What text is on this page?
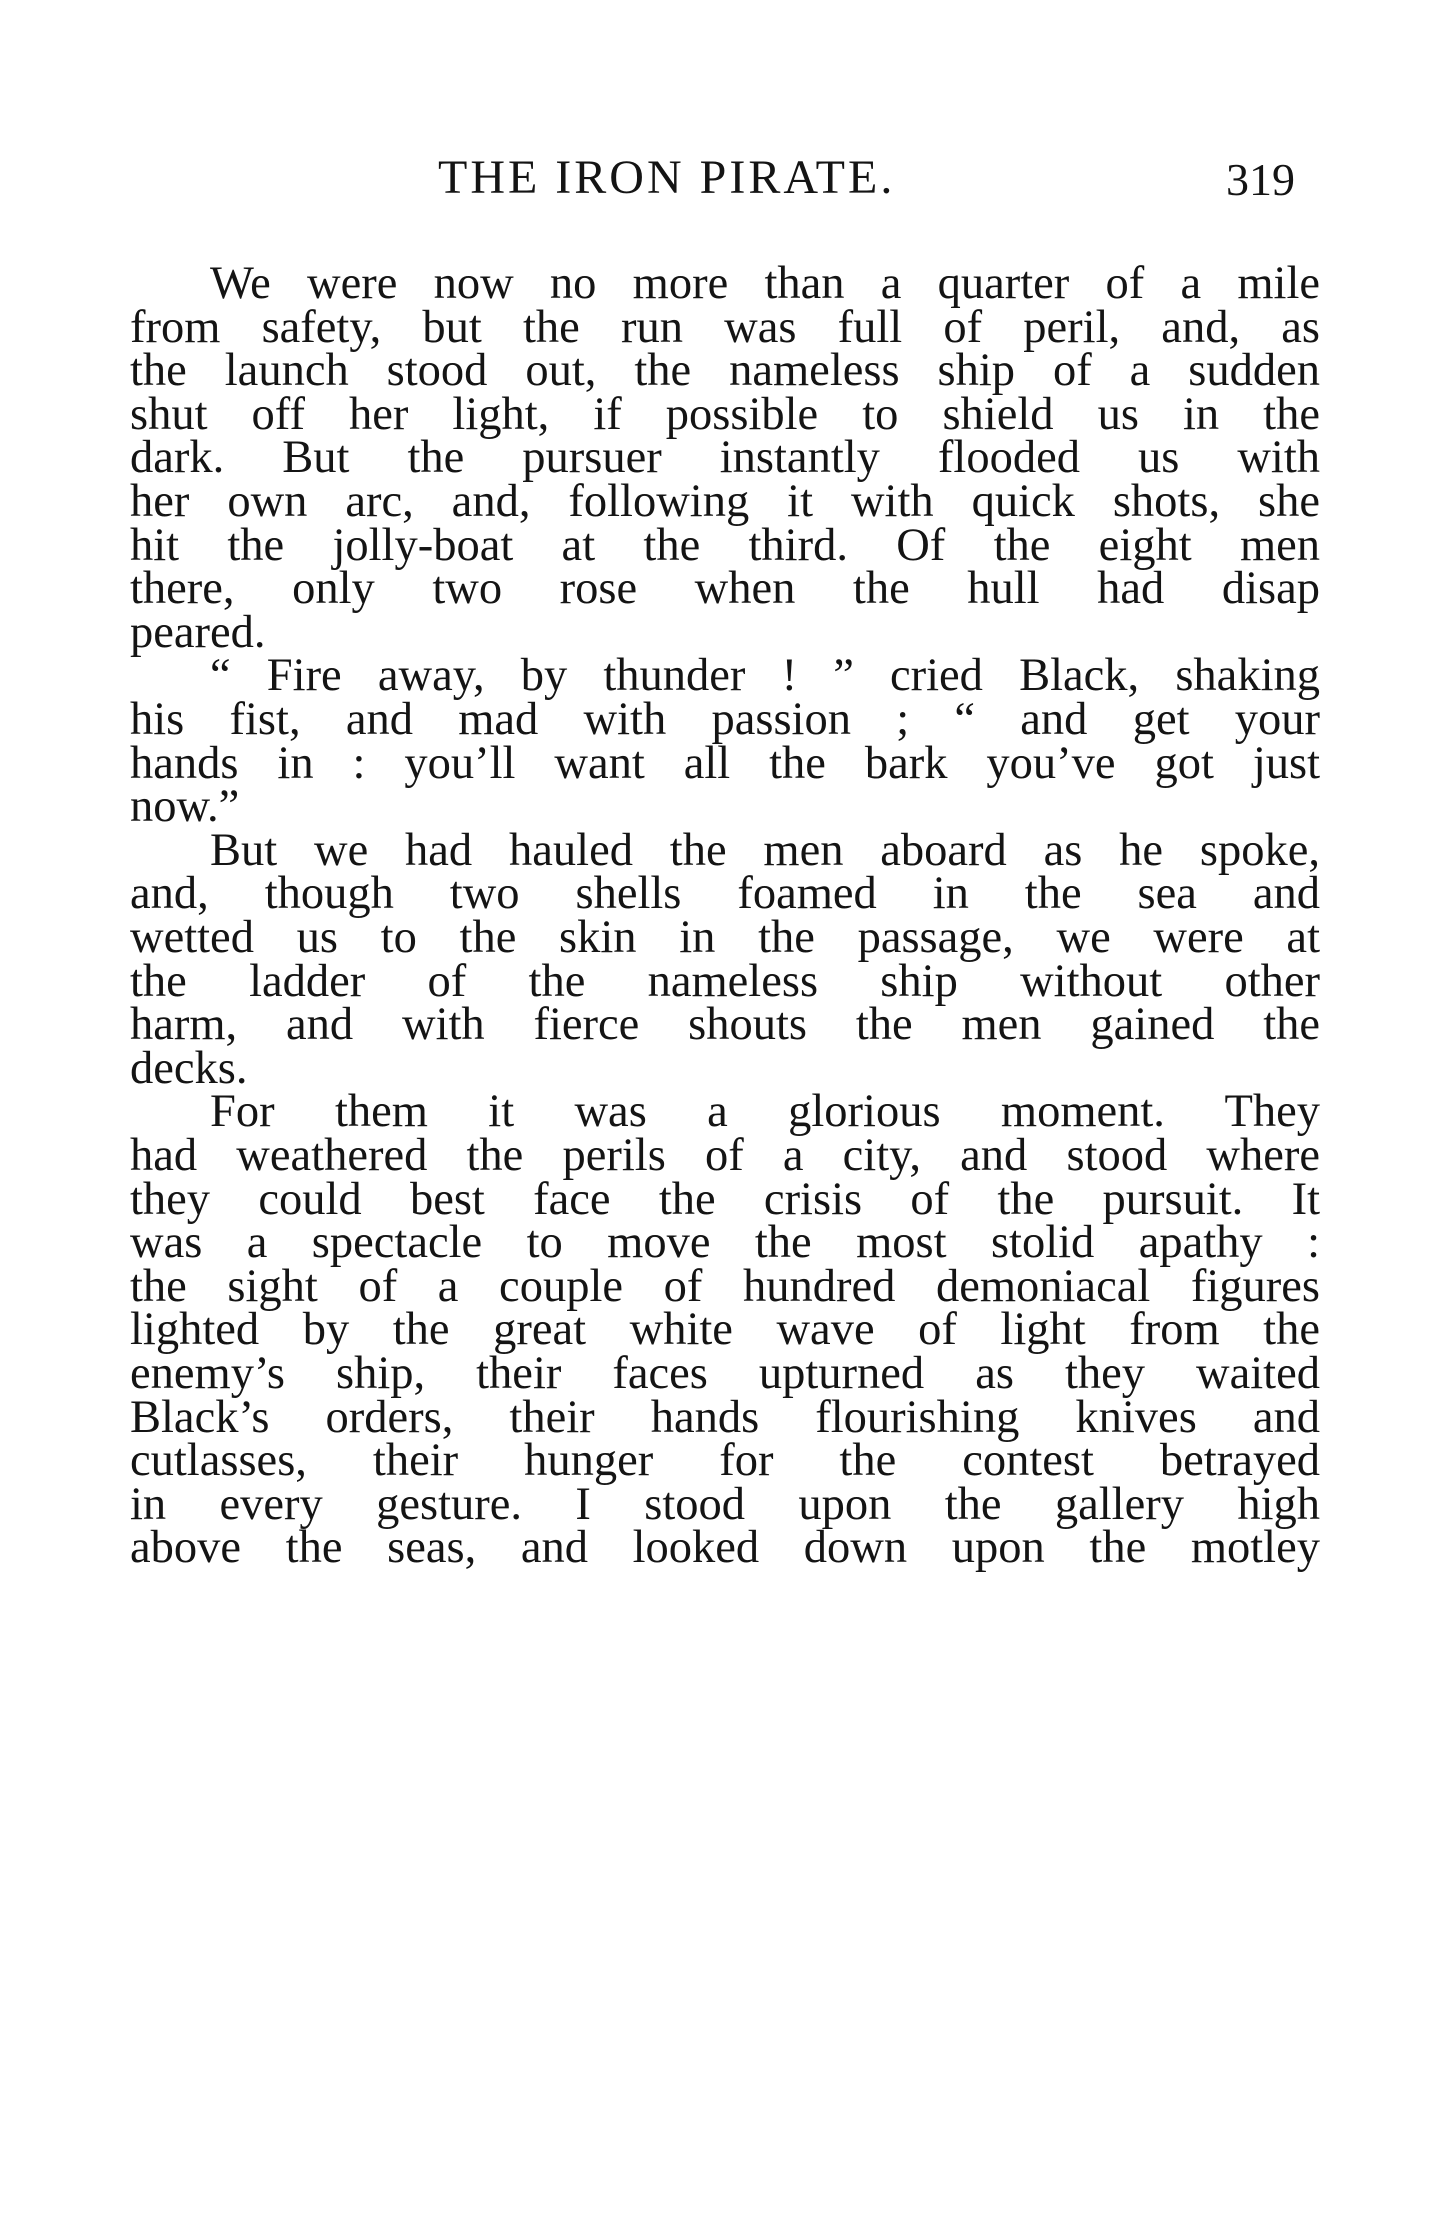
THE IRON PIRATE.	319
We were now no more than a quarter of a mile
from safety, but the run was full of peril, and, as
the launch stood out, the nameless ship of a sudden
shut off her light, if possible to shield us in the
dark. But the pursuer instantly flooded us with
her own arc, and, following it with quick shots, she
hit the jolly-boat at the third. Of the eight men
there, only two rose when the hull had disap
peared.
“ Fire away, by thunder ! ” cried Black, shaking
his fist, and mad with passion ; “ and get your
hands in : you’ll want all the bark you’ve got just
now.”
But we had hauled the men aboard as he spoke,
and, though two shells foamed in the sea and
wetted us to the skin in the passage, we were at
the ladder of the nameless ship without other
harm, and with fierce shouts the men gained the
decks.
For them it was a glorious moment. They
had weathered the perils of a city, and stood where
they could best face the crisis of the pursuit. It
was a spectacle to move the most stolid apathy :
the sight of a couple of hundred demoniacal figures
lighted by the great white wave of light from the
enemy’s ship, their faces upturned as they waited
Black’s orders, their hands flourishing knives and
cutlasses, their hunger for the contest betrayed
in every gesture. I stood upon the gallery high
above the seas, and looked down upon the motley
